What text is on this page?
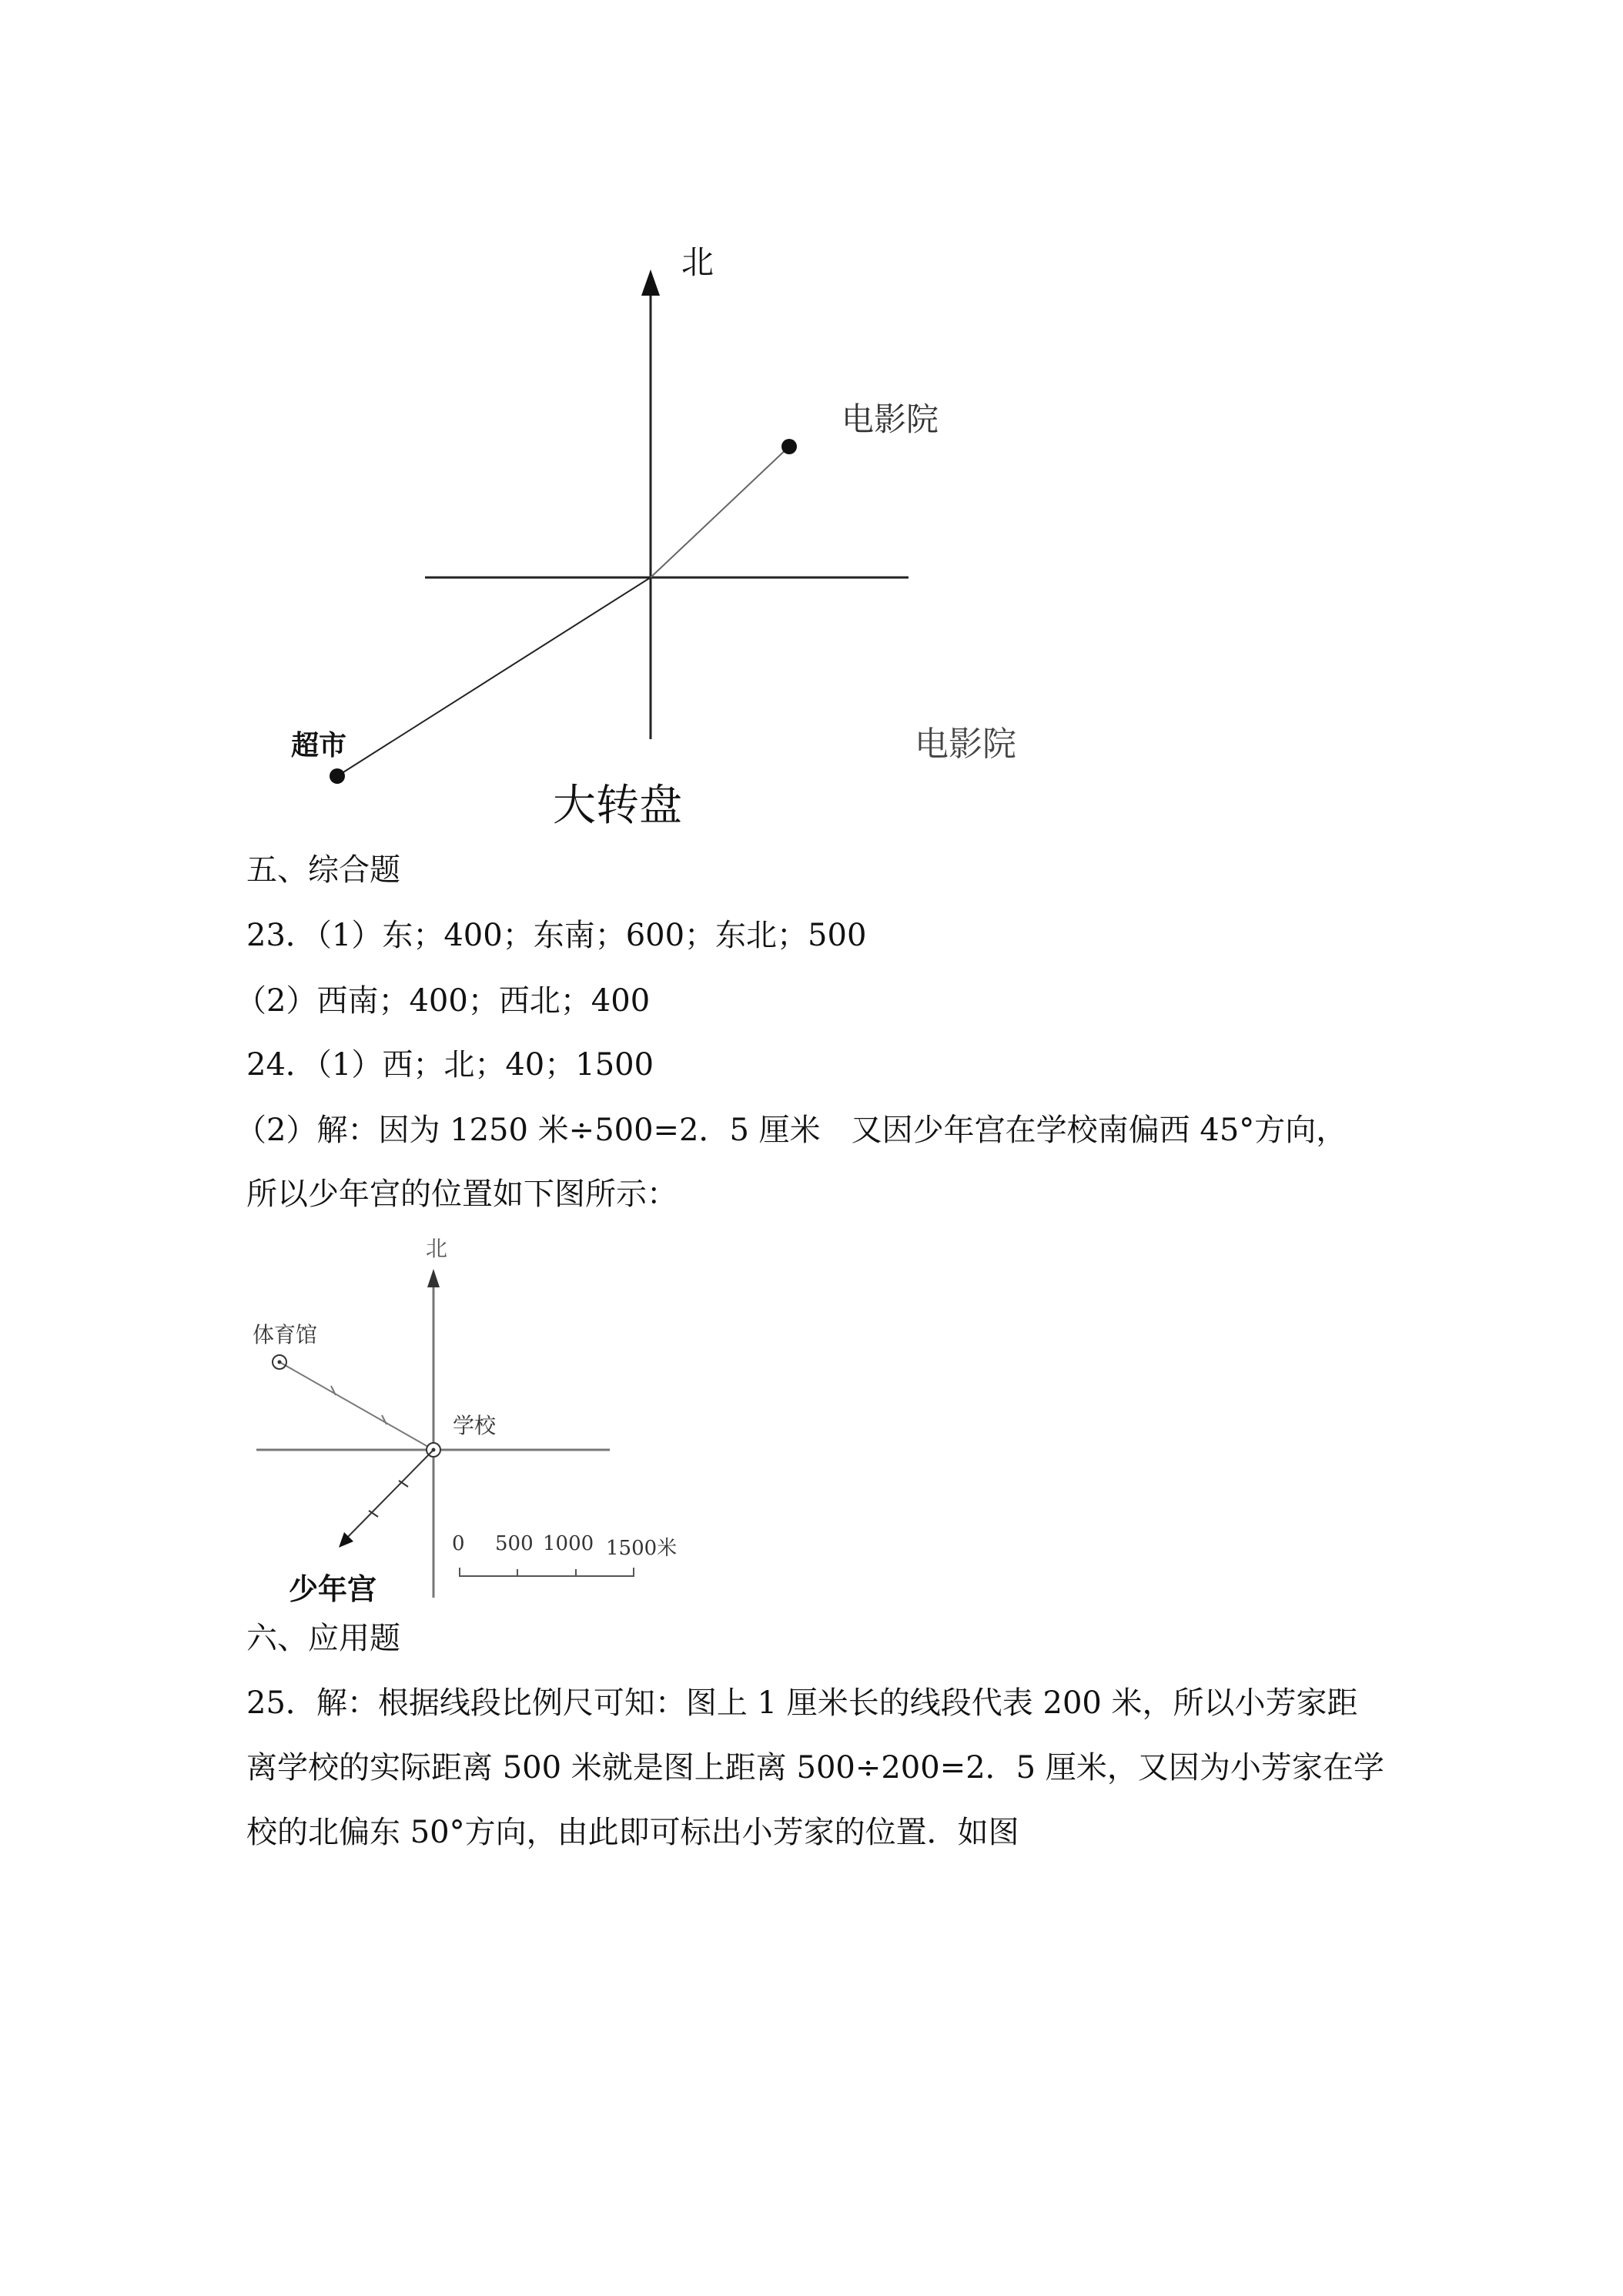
北
电影院
电影院
超市
大转盘
五、综合题
23．（1）东；400；东南；600；东北；500
（2）西南；400；西北；400
24．（1）西；北；40；1500
（2）解：因为 1250 米÷500=2．5 厘米　又因少年宫在学校南偏西 45°方向，
所以少年宫的位置如下图所示：
北
体育馆
学校
少年宫
0 500 1000 1500米
六、应用题
25．解：根据线段比例尺可知：图上 1 厘米长的线段代表 200 米，所以小芳家距
离学校的实际距离 500 米就是图上距离 500÷200=2．5 厘米，又因为小芳家在学
校的北偏东 50°方向，由此即可标出小芳家的位置．如图
